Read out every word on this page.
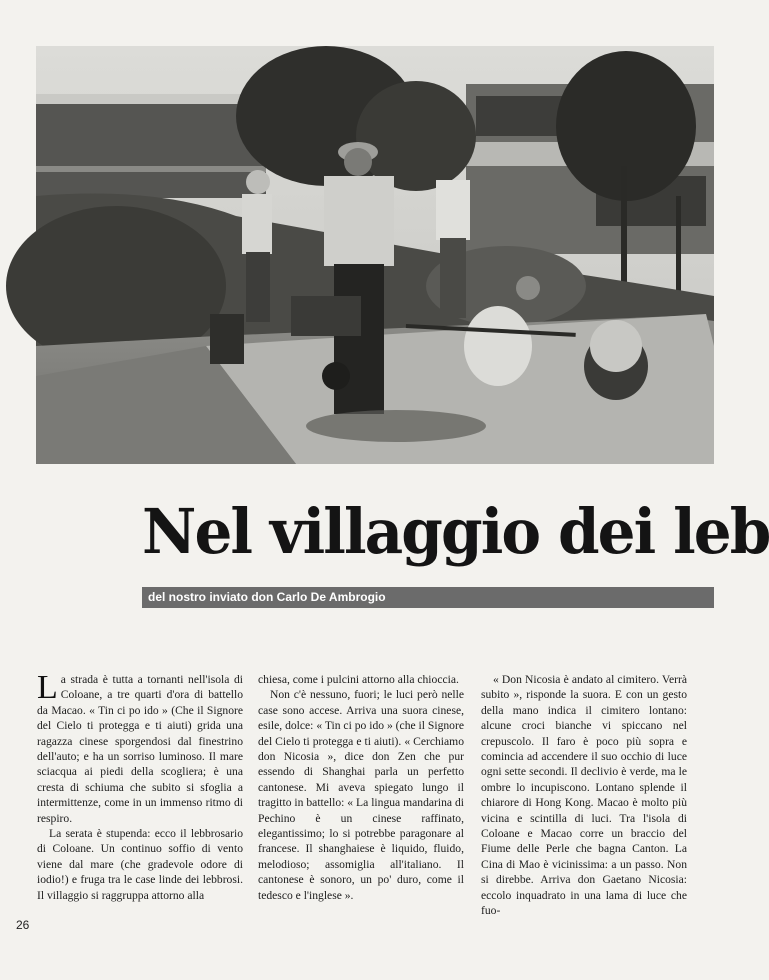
Nel villaggio dei leb
del nostro inviato don Carlo De Ambrogio

La strada è tutta a tornanti nell'isola di Coloane, a tre quarti d'ora di battello da Macao. « Tin ci po ido » (Che il Signore del Cielo ti protegga e ti aiuti) grida una ragazza cinese sporgendosi dal finestrino dell'auto; e ha un sorriso luminoso. Il mare sciacqua ai piedi della scogliera; è una cresta di schiuma che subito si sfoglia a intermittenze, come in un immenso ritmo di respiro.

La serata è stupenda: ecco il lebbrosario di Coloane. Un continuo soffio di vento viene dal mare (che gradevole odore di iodio!) e fruga tra le case linde dei lebbrosi. Il villaggio si raggruppa attorno alla

chiesa, come i pulcini attorno alla chioccia.

Non c'è nessuno, fuori; le luci però nelle case sono accese. Arriva una suora cinese, esile, dolce: « Tin ci po ido » (che il Signore del Cielo ti protegga e ti aiuti). « Cerchiamo don Nicosia », dice don Zen che pur essendo di Shanghai parla un perfetto cantonese. Mi aveva spiegato lungo il tragitto in battello: « La lingua mandarina di Pechino è un cinese raffinato, elegantissimo; lo si potrebbe paragonare al francese. Il shanghaiese è liquido, fluido, melodioso; assomiglia all'italiano. Il cantonese è sonoro, un po' duro, come il tedesco e l'inglese ».

« Don Nicosia è andato al cimitero. Verrà subito », risponde la suora. E con un gesto della mano indica il cimitero lontano: alcune croci bianche vi spiccano nel crepuscolo. Il faro è poco più sopra e comincia ad accendere il suo occhio di luce ogni sette secondi. Il declivio è verde, ma le ombre lo incupiscono. Lontano splende il chiarore di Hong Kong. Macao è molto più vicina e scintilla di luci. Tra l'isola di Coloane e Macao corre un braccio del Fiume delle Perle che bagna Canton. La Cina di Mao è vicinissima: a un passo. Non si direbbe. Arriva don Gaetano Nicosia: eccolo inquadrato in una lama di luce che fuo-

26
